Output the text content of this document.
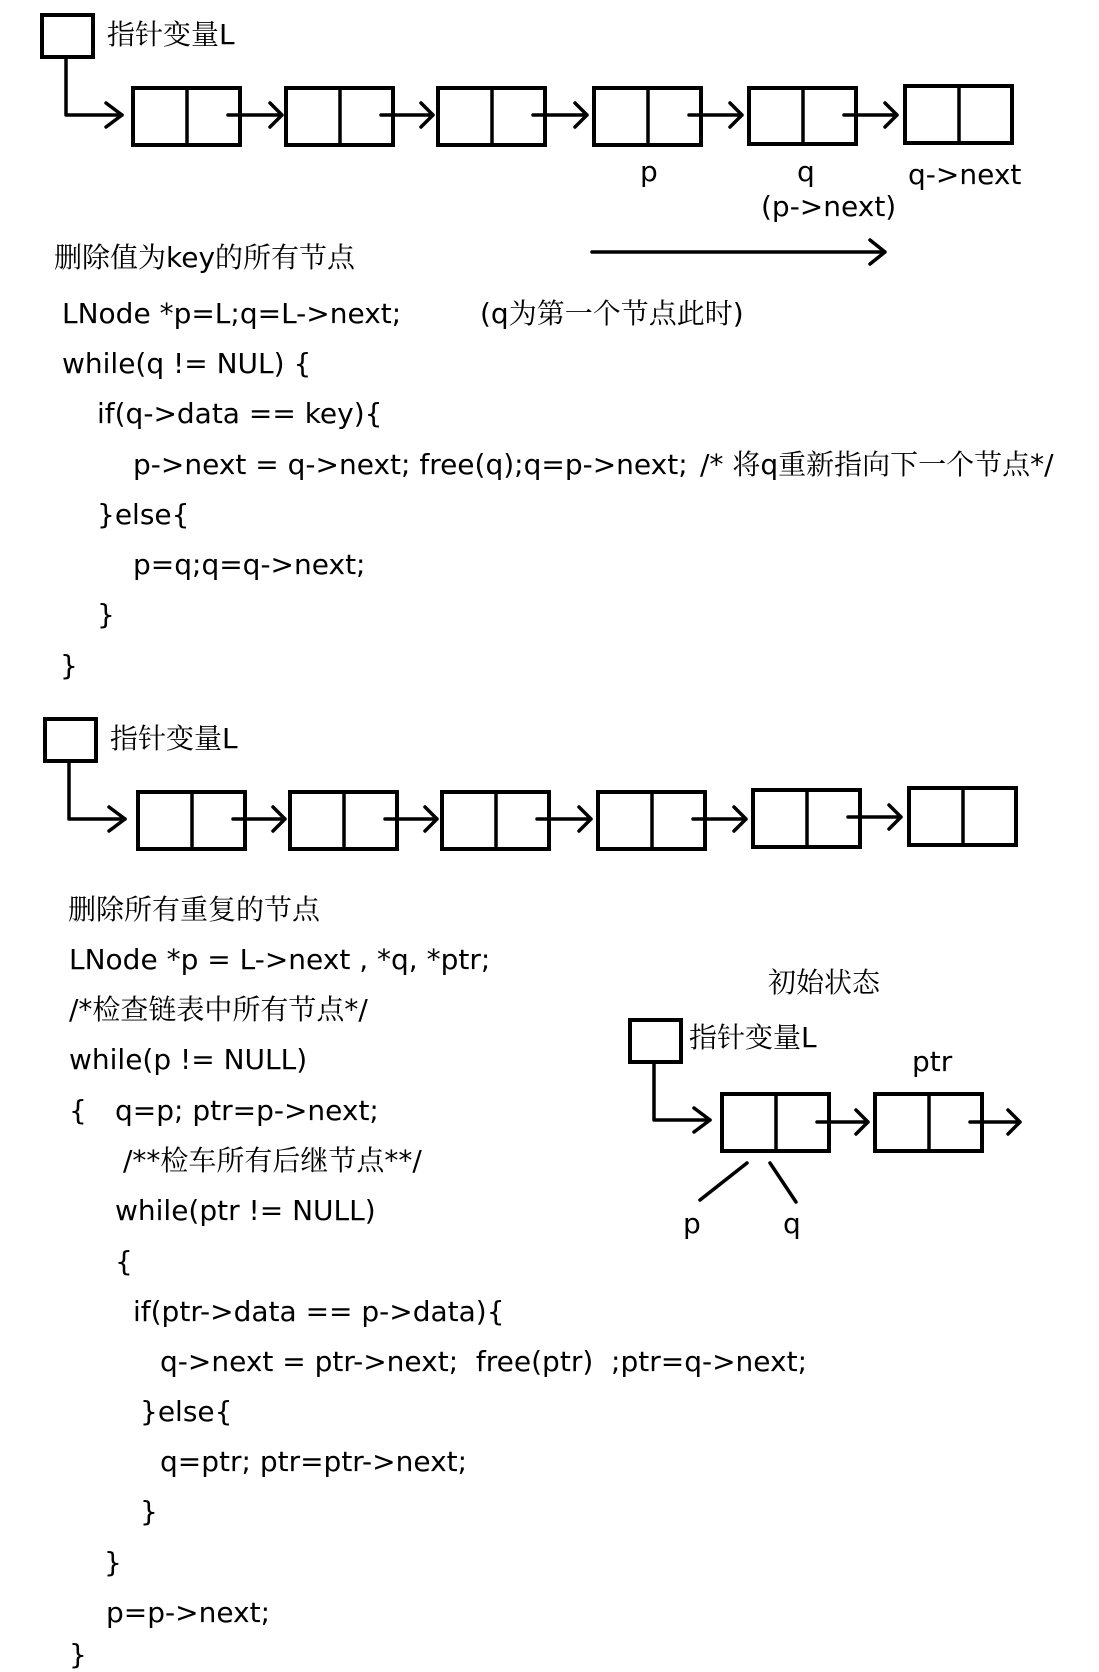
指针变量L
p	q	q->next
(p->next)
删除值为key的所有节点
LNode *p=L;q=L->next;	(q为第一个节点此时)
while(q != NUL) {
if(q->data == key){
p->next = q->next; free(q);q=p->next; /* 将q重新指向下一个节点*/
}else{
p=q;q=q->next;
}
}
指针变量L
删除所有重复的节点
LNode *p = L->next , *q, *ptr;
/*检查链表中所有节点*/
while(p != NULL)
{ q=p; ptr=p->next;
/**检车所有后继节点**/
while(ptr != NULL)
{
if(ptr->data == p->data){
q->next = ptr->next;  free(ptr)  ;ptr=q->next;
}else{
q=ptr; ptr=ptr->next;
}
}
p=p->next;
}
初始状态
指针变量L
ptr
p	q
